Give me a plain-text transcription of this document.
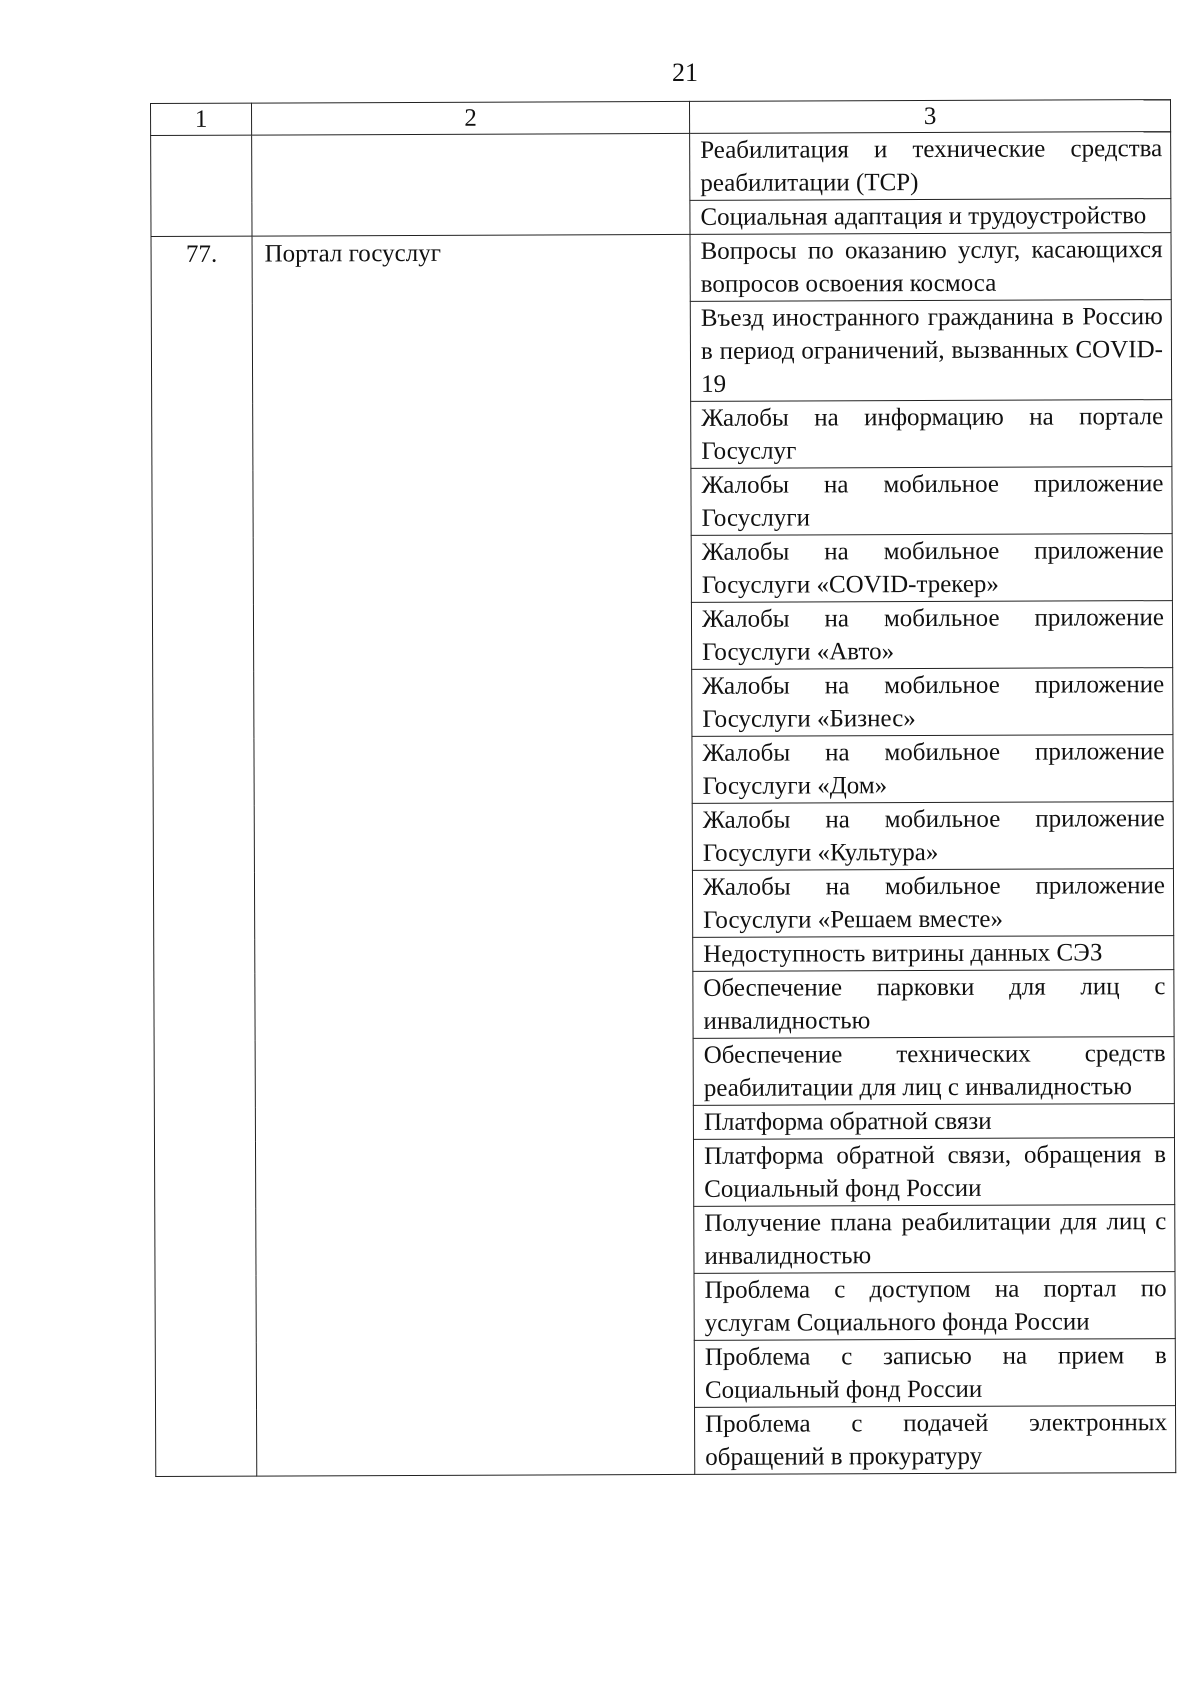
21
1	2	3
		Реабилитация и технические средства реабилитации (ТСР)
		Социальная адаптация и трудоустройство
77.	Портал госуслуг	Вопросы по оказанию услуг, касающихся вопросов освоения космоса
		Въезд иностранного гражданина в Россию в период ограничений, вызванных COVID-19
		Жалобы на информацию на портале Госуслуг
		Жалобы на мобильное приложение Госуслуги
		Жалобы на мобильное приложение Госуслуги «COVID-трекер»
		Жалобы на мобильное приложение Госуслуги «Авто»
		Жалобы на мобильное приложение Госуслуги «Бизнес»
		Жалобы на мобильное приложение Госуслуги «Дом»
		Жалобы на мобильное приложение Госуслуги «Культура»
		Жалобы на мобильное приложение Госуслуги «Решаем вместе»
		Недоступность витрины данных СЭЗ
		Обеспечение парковки для лиц с инвалидностью
		Обеспечение технических средств реабилитации для лиц с инвалидностью
		Платформа обратной связи
		Платформа обратной связи, обращения в Социальный фонд России
		Получение плана реабилитации для лиц с инвалидностью
		Проблема с доступом на портал по услугам Социального фонда России
		Проблема с записью на прием в Социальный фонд России
		Проблема с подачей электронных обращений в прокуратуру
